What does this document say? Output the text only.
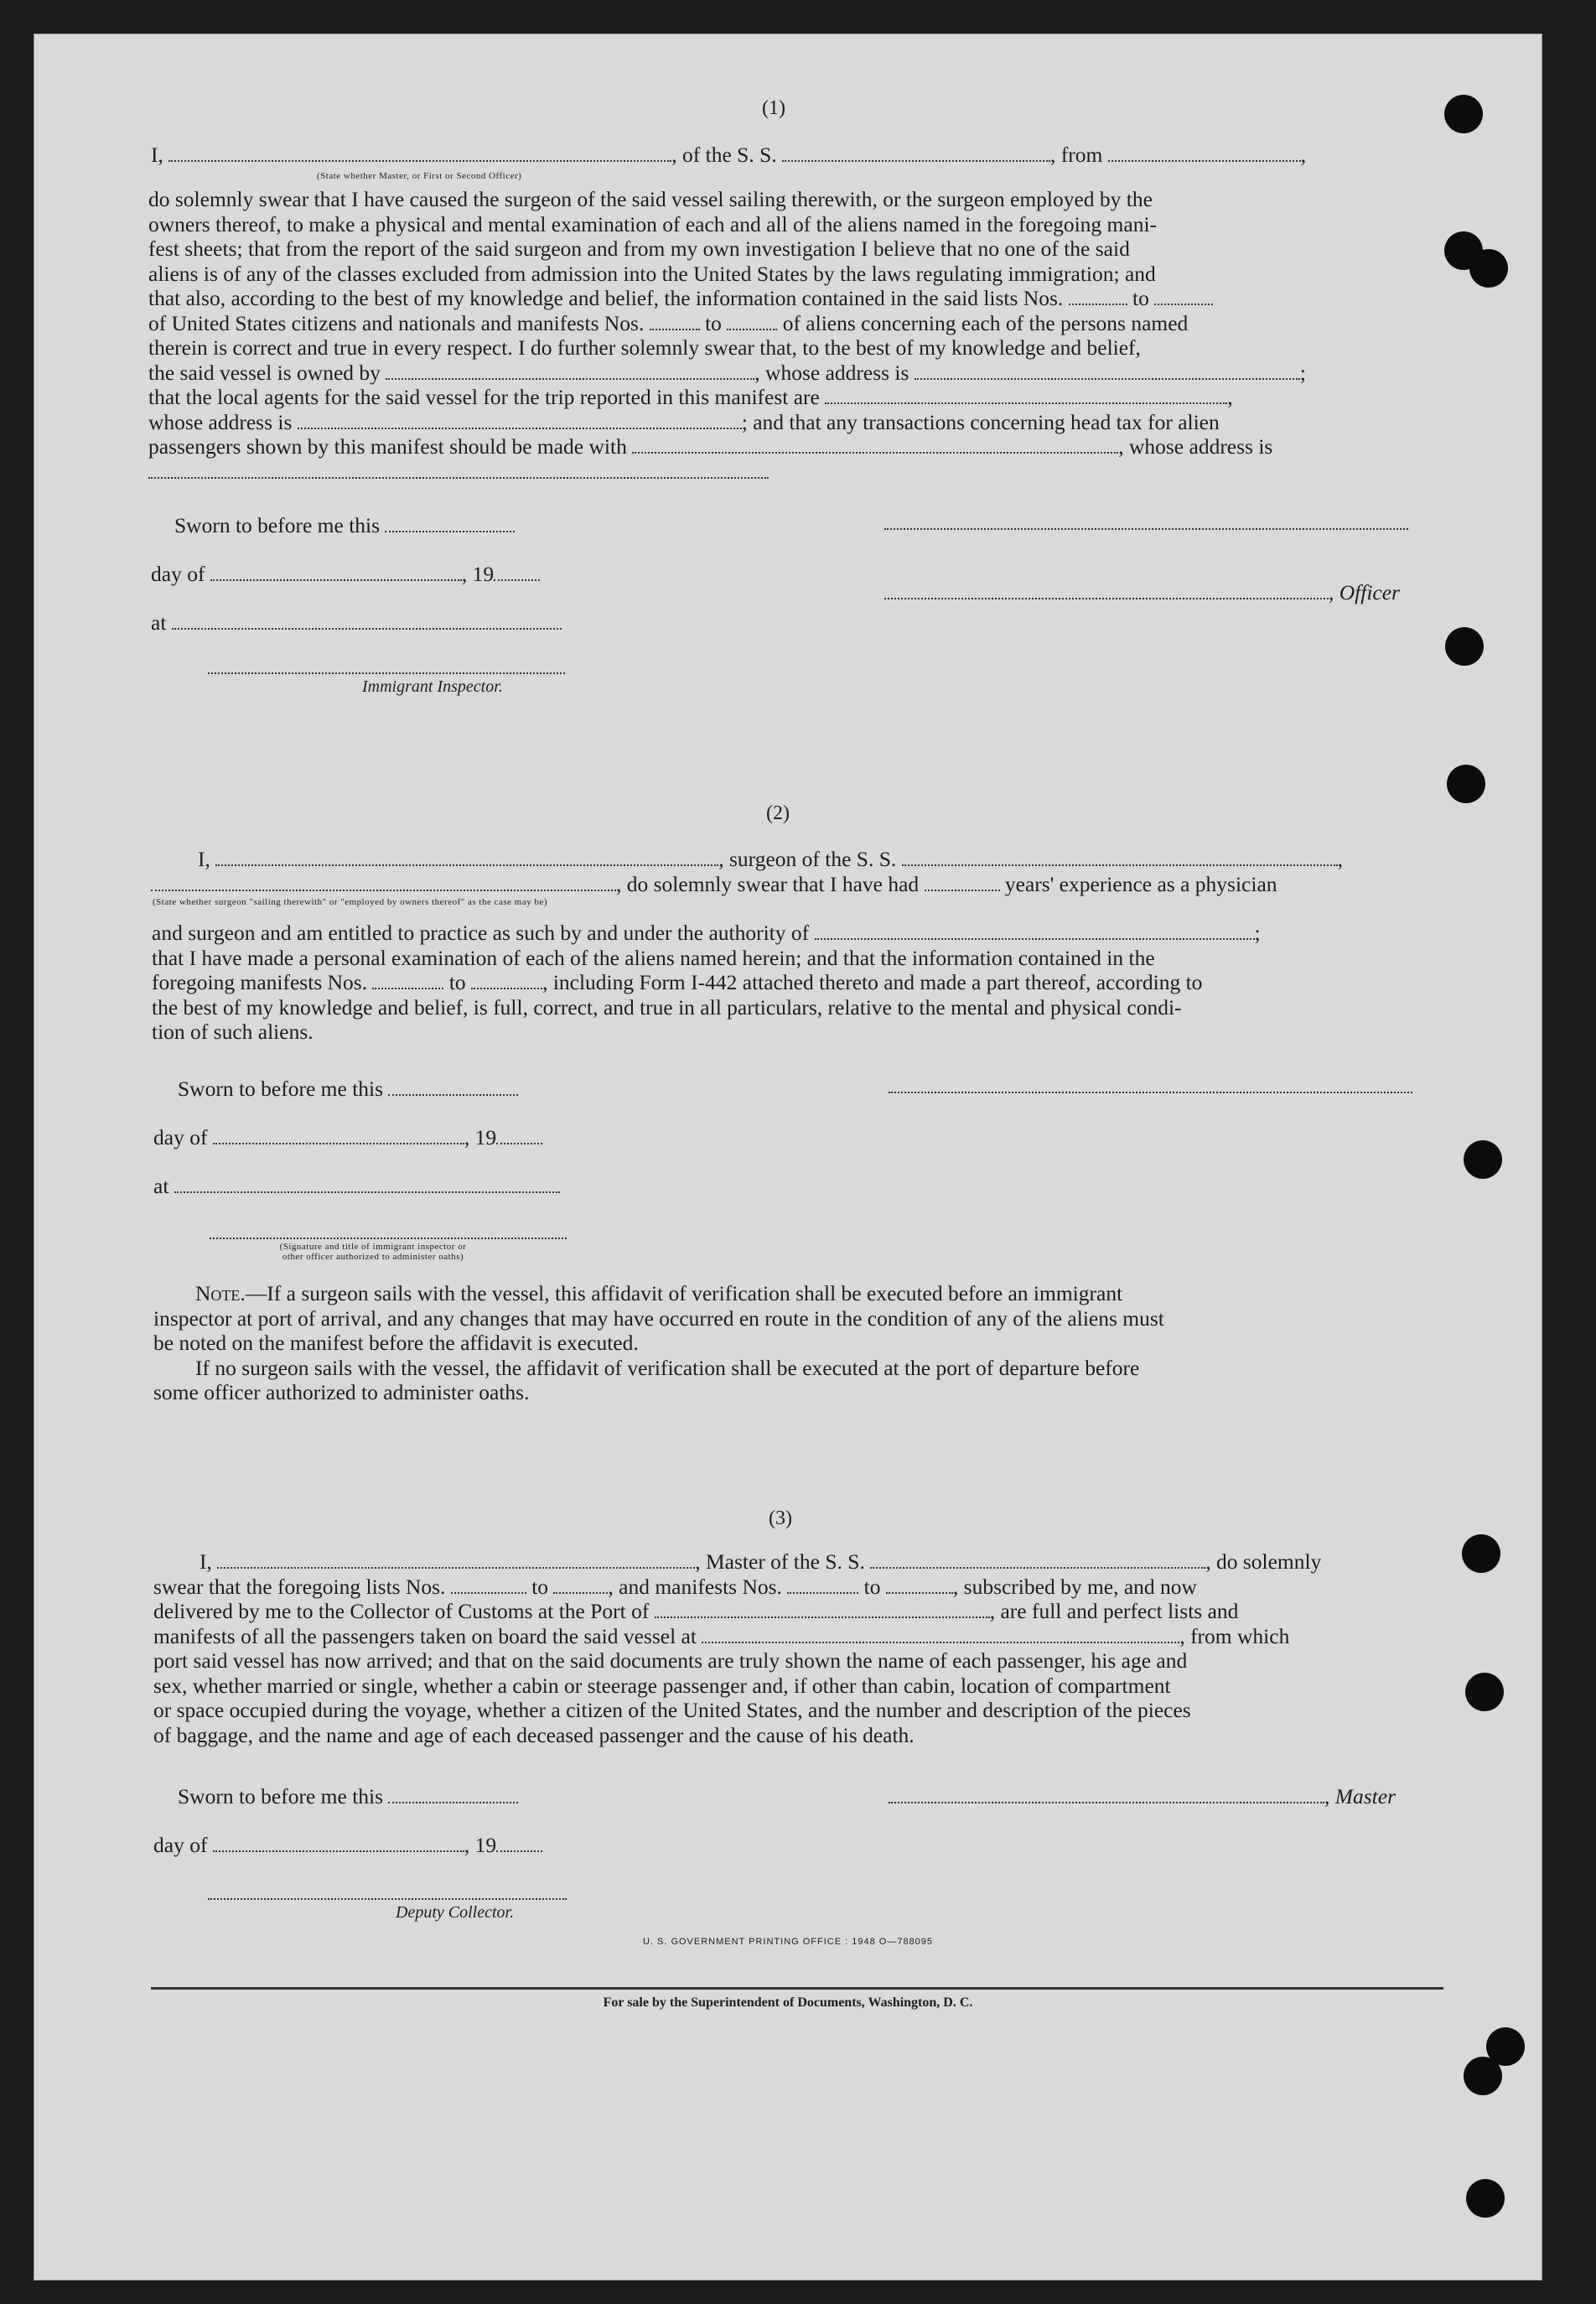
(1)
I,	, of the S. S.	, from	,
(State whether Master, or First or Second Officer)
do solemnly swear that I have caused the surgeon of the said vessel sailing therewith, or the surgeon employed by the
owners thereof, to make a physical and mental examination of each and all of the aliens named in the foregoing mani-
fest sheets; that from the report of the said surgeon and from my own investigation I believe that no one of the said
aliens is of any of the classes excluded from admission into the United States by the laws regulating immigration; and
that also, according to the best of my knowledge and belief, the information contained in the said lists Nos.	to
of United States citizens and nationals and manifests Nos.	to	of aliens concerning each of the persons named
therein is correct and true in every respect. I do further solemnly swear that, to the best of my knowledge and belief,
the said vessel is owned by	, whose address is	;
that the local agents for the said vessel for the trip reported in this manifest are	,
whose address is	; and that any transactions concerning head tax for alien
passengers shown by this manifest should be made with	, whose address is
Sworn to before me this
day of	, 19
at
Immigrant Inspector.
, Officer
(2)
I,	, surgeon of the S. S.	,
, do solemnly swear that I have had	years' experience as a physician
(State whether surgeon "sailing therewith" or "employed by owners thereof" as the case may be)
and surgeon and am entitled to practice as such by and under the authority of	;
that I have made a personal examination of each of the aliens named herein; and that the information contained in the
foregoing manifests Nos.	to	, including Form I-442 attached thereto and made a part thereof, according to
the best of my knowledge and belief, is full, correct, and true in all particulars, relative to the mental and physical condi-
tion of such aliens.
Sworn to before me this
day of	, 19
at
(Signature and title of immigrant inspector or
other officer authorized to administer oaths)
Note.—If a surgeon sails with the vessel, this affidavit of verification shall be executed before an immigrant
inspector at port of arrival, and any changes that may have occurred en route in the condition of any of the aliens must
be noted on the manifest before the affidavit is executed.
If no surgeon sails with the vessel, the affidavit of verification shall be executed at the port of departure before
some officer authorized to administer oaths.
(3)
I,	, Master of the S. S.	, do solemnly
swear that the foregoing lists Nos.	to	, and manifests Nos.	to	, subscribed by me, and now
delivered by me to the Collector of Customs at the Port of	, are full and perfect lists and
manifests of all the passengers taken on board the said vessel at	, from which
port said vessel has now arrived; and that on the said documents are truly shown the name of each passenger, his age and
sex, whether married or single, whether a cabin or steerage passenger and, if other than cabin, location of compartment
or space occupied during the voyage, whether a citizen of the United States, and the number and description of the pieces
of baggage, and the name and age of each deceased passenger and the cause of his death.
Sworn to before me this	, Master
day of	, 19
Deputy Collector.
U. S. GOVERNMENT PRINTING OFFICE : 1948 O—788095
For sale by the Superintendent of Documents, Washington, D. C.
